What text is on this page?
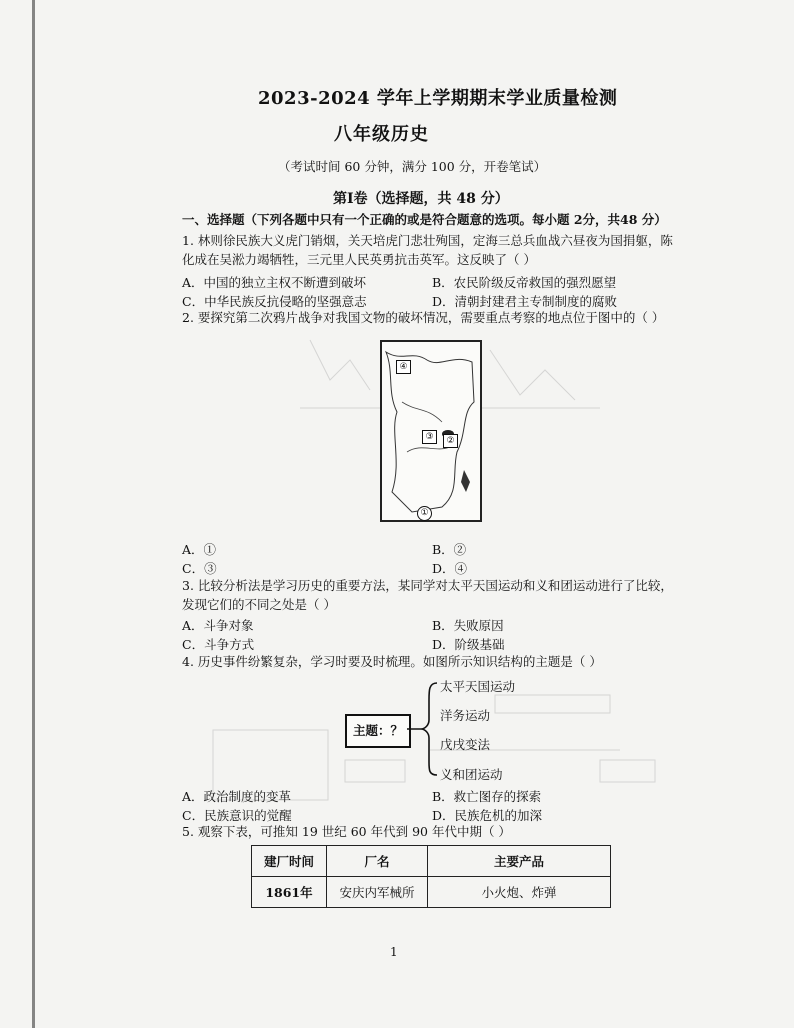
2023-2024 学年上学期期末学业质量检测
八年级历史
（考试时间 60 分钟，满分 100 分，开卷笔试）
第Ⅰ卷（选择题，共 48 分）
一、选择题（下列各题中只有一个正确的或是符合题意的选项。每小题 2分，共48 分）
1. 林则徐民族大义虎门销烟，关天培虎门悲壮殉国，定海三总兵血战六昼夜为国捐躯，陈
化成在吴淞力竭牺牲，三元里人民英勇抗击英军。这反映了（ ）
A．中国的独立主权不断遭到破坏	B．农民阶级反帝救国的强烈愿望
C．中华民族反抗侵略的坚强意志	D．清朝封建君主专制制度的腐败
2. 要探究第二次鸦片战争对我国文物的破坏情况，需要重点考察的地点位于图中的（ ）
④
③	②
①
A．①	B．②
C．③	D．④
3. 比较分析法是学习历史的重要方法，某同学对太平天国运动和义和团运动进行了比较，
发现它们的不同之处是（ ）
A．斗争对象	B．失败原因
C．斗争方式	D．阶级基础
4. 历史事件纷繁复杂，学习时要及时梳理。如图所示知识结构的主题是（ ）
主题：？
太平天国运动
洋务运动
戊戌变法
义和团运动
A．政治制度的变革	B．救亡图存的探索
C．民族意识的觉醒	D．民族危机的加深
5. 观察下表，可推知 19 世纪 60 年代到 90 年代中期（ ）
建厂时间	厂名	主要产品
1861年	安庆内军械所	小火炮、炸弹
1
